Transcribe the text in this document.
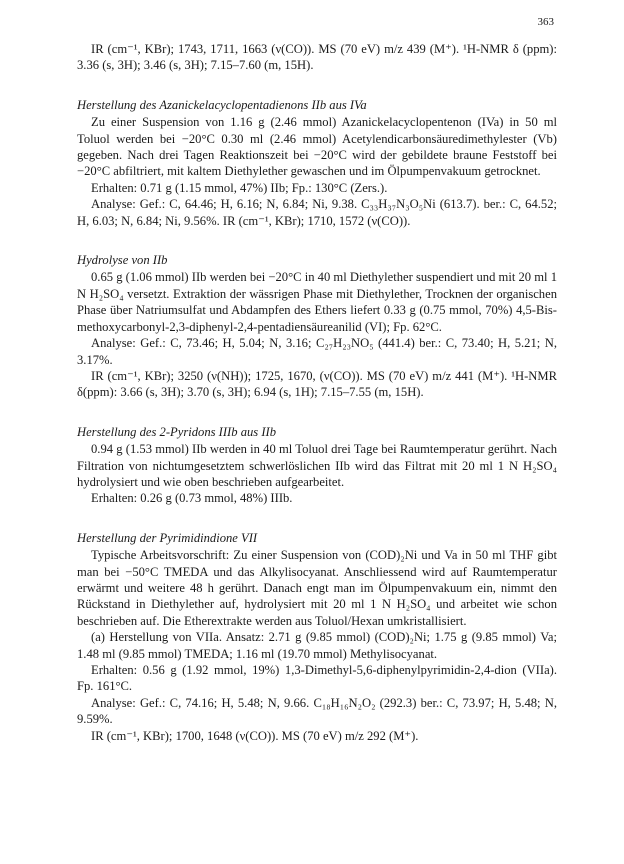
363

IR (cm⁻¹, KBr); 1743, 1711, 1663 (ν(CO)). MS (70 eV) m/z 439 (M⁺). ¹H-NMR δ (ppm): 3.36 (s, 3H); 3.46 (s, 3H); 7.15–7.60 (m, 15H).

Herstellung des Azanickelacyclopentadienons IIb aus IVa

Zu einer Suspension von 1.16 g (2.46 mmol) Azanickelacyclopentenon (IVa) in 50 ml Toluol werden bei −20°C 0.30 ml (2.46 mmol) Acetylendicarbonsäuredimethylester (Vb) gegeben. Nach drei Tagen Reaktionszeit bei −20°C wird der gebildete braune Feststoff bei −20°C abfiltriert, mit kaltem Diethylether gewaschen und im Ölpumpenvakuum getrocknet.

Erhalten: 0.71 g (1.15 mmol, 47%) IIb; Fp.: 130°C (Zers.).

Analyse: Gef.: C, 64.46; H, 6.16; N, 6.84; Ni, 9.38. C₃₃H₃₇N₃O₅Ni (613.7). ber.: C, 64.52; H, 6.03; N, 6.84; Ni, 9.56%. IR (cm⁻¹, KBr); 1710, 1572 (ν(CO)).

Hydrolyse von IIb

0.65 g (1.06 mmol) IIb werden bei −20°C in 40 ml Diethylether suspendiert und mit 20 ml 1 N H₂SO₄ versetzt. Extraktion der wässrigen Phase mit Diethylether, Trocknen der organischen Phase über Natriumsulfat und Abdampfen des Ethers liefert 0.33 g (0.75 mmol, 70%) 4,5-Bis-methoxycarbonyl-2,3-diphenyl-2,4-pentadiensäureanilid (VI); Fp. 62°C.

Analyse: Gef.: C, 73.46; H, 5.04; N, 3.16; C₂₇H₂₃NO₅ (441.4) ber.: C, 73.40; H, 5.21; N, 3.17%.

IR (cm⁻¹, KBr); 3250 (ν(NH)); 1725, 1670, (ν(CO)). MS (70 eV) m/z 441 (M⁺). ¹H-NMR δ(ppm): 3.66 (s, 3H); 3.70 (s, 3H); 6.94 (s, 1H); 7.15–7.55 (m, 15H).

Herstellung des 2-Pyridons IIIb aus IIb

0.94 g (1.53 mmol) IIb werden in 40 ml Toluol drei Tage bei Raumtemperatur gerührt. Nach Filtration von nichtumgesetztem schwerlöslichen IIb wird das Filtrat mit 20 ml 1 N H₂SO₄ hydrolysiert und wie oben beschrieben aufgearbeitet.

Erhalten: 0.26 g (0.73 mmol, 48%) IIIb.

Herstellung der Pyrimidindione VII

Typische Arbeitsvorschrift: Zu einer Suspension von (COD)₂Ni und Va in 50 ml THF gibt man bei −50°C TMEDA und das Alkylisocyanat. Anschliessend wird auf Raumtemperatur erwärmt und weitere 48 h gerührt. Danach engt man im Ölpumpenvakuum ein, nimmt den Rückstand in Diethylether auf, hydrolysiert mit 20 ml 1 N H₂SO₄ und arbeitet wie schon beschrieben auf. Die Etherextrakte werden aus Toluol/Hexan umkristallisiert.

(a) Herstellung von VIIa. Ansatz: 2.71 g (9.85 mmol) (COD)₂Ni; 1.75 g (9.85 mmol) Va; 1.48 ml (9.85 mmol) TMEDA; 1.16 ml (19.70 mmol) Methylisocyanat.

Erhalten: 0.56 g (1.92 mmol, 19%) 1,3-Dimethyl-5,6-diphenylpyrimidin-2,4-dion (VIIa). Fp. 161°C.

Analyse: Gef.: C, 74.16; H, 5.48; N, 9.66. C₁₈H₁₆N₂O₂ (292.3) ber.: C, 73.97; H, 5.48; N, 9.59%.

IR (cm⁻¹, KBr); 1700, 1648 (ν(CO)). MS (70 eV) m/z 292 (M⁺).
